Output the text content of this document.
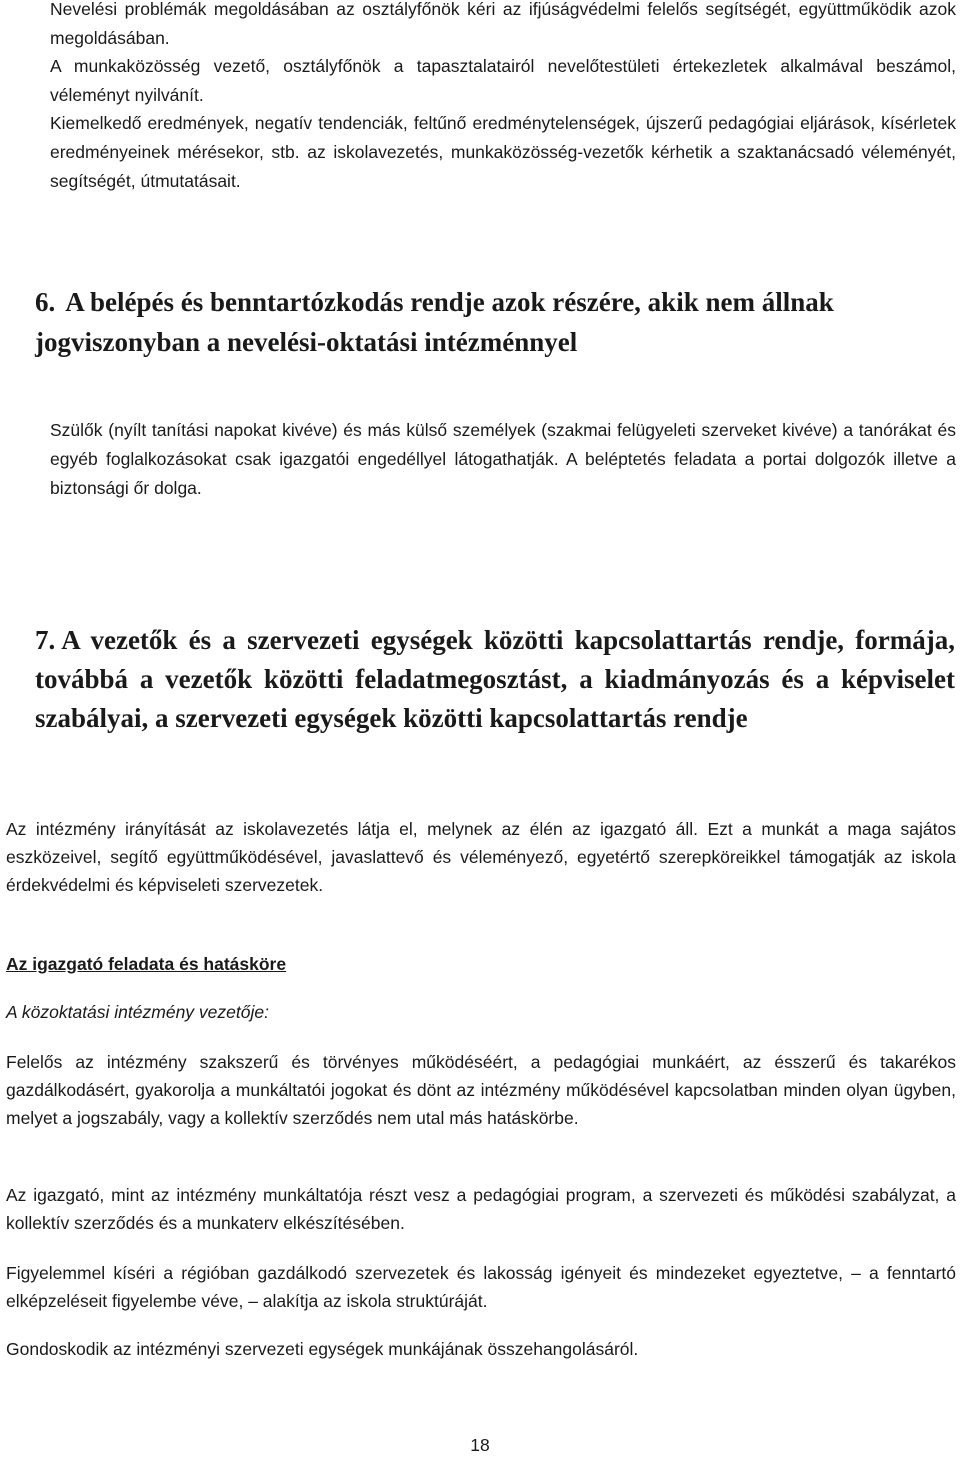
Nevelési problémák megoldásában az osztályfőnök kéri az ifjúságvédelmi felelős segítségét, együttműködik azok megoldásában.

A munkaközösség vezető, osztályfőnök a tapasztalatairól nevelőtestületi értekezletek alkalmával beszámol, véleményt nyilvánít.

Kiemelkedő eredmények, negatív tendenciák, feltűnő eredménytelenségek, újszerű pedagógiai eljárások, kísérletek eredményeinek mérésekor, stb. az iskolavezetés, munkaközösség-vezetők kérhetik a szaktanácsadó véleményét, segítségét, útmutatásait.

6. A belépés és benntartózkodás rendje azok részére, akik nem állnak jogviszonyban a nevelési-oktatási intézménnyel

Szülők (nyílt tanítási napokat kivéve) és más külső személyek (szakmai felügyeleti szerveket kivéve) a tanórákat és egyéb foglalkozásokat csak igazgatói engedéllyel látogathatják. A beléptetés feladata a portai dolgozók illetve a biztonsági őr dolga.

7. A vezetők és a szervezeti egységek közötti kapcsolattartás rendje, formája, továbbá a vezetők közötti feladatmegosztást, a kiadmányozás és a képviselet szabályai, a szervezeti egységek közötti kapcsolattartás rendje

Az intézmény irányítását az iskolavezetés látja el, melynek az élén az igazgató áll. Ezt a munkát a maga sajátos eszközeivel, segítő együttműködésével, javaslattevő és véleményező, egyetértő szerepköreikkel támogatják az iskola érdekvédelmi és képviseleti szervezetek.

Az igazgató feladata és hatásköre
A közoktatási intézmény vezetője:

Felelős az intézmény szakszerű és törvényes működéséért, a pedagógiai munkáért, az ésszerű és takarékos gazdálkodásért, gyakorolja a munkáltatói jogokat és dönt az intézmény működésével kapcsolatban minden olyan ügyben, melyet a jogszabály, vagy a kollektív szerződés nem utal más hatáskörbe.

Az igazgató, mint az intézmény munkáltatója részt vesz a pedagógiai program, a szervezeti és működési szabályzat, a kollektív szerződés és a munkaterv elkészítésében.

Figyelemmel kíséri a régióban gazdálkodó szervezetek és lakosság igényeit és mindezeket egyeztetve, – a fenntartó elképzeléseit figyelembe véve, – alakítja az iskola struktúráját.

Gondoskodik az intézményi szervezeti egységek munkájának összehangolásáról.

18
